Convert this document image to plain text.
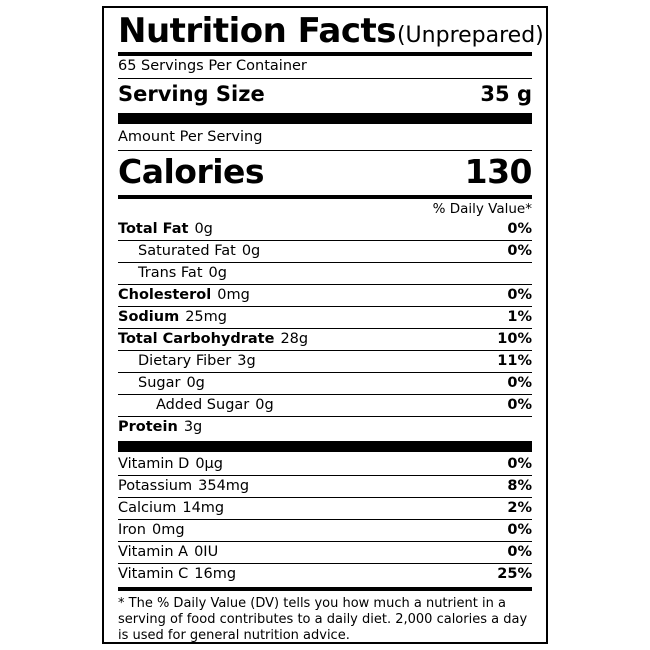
Nutrition Facts (Unprepared)
65 Servings Per Container
Serving Size	35 g
Amount Per Serving
Calories	130
% Daily Value*
Total Fat 0g	0%
Saturated Fat 0g	0%
Trans Fat 0g
Cholesterol 0mg	0%
Sodium 25mg	1%
Total Carbohydrate 28g	10%
Dietary Fiber 3g	11%
Sugar 0g	0%
Added Sugar 0g	0%
Protein 3g
Vitamin D 0µg	0%
Potassium 354mg	8%
Calcium 14mg	2%
Iron 0mg	0%
Vitamin A 0IU	0%
Vitamin C 16mg	25%
* The % Daily Value (DV) tells you how much a nutrient in a serving of food contributes to a daily diet. 2,000 calories a day is used for general nutrition advice.
